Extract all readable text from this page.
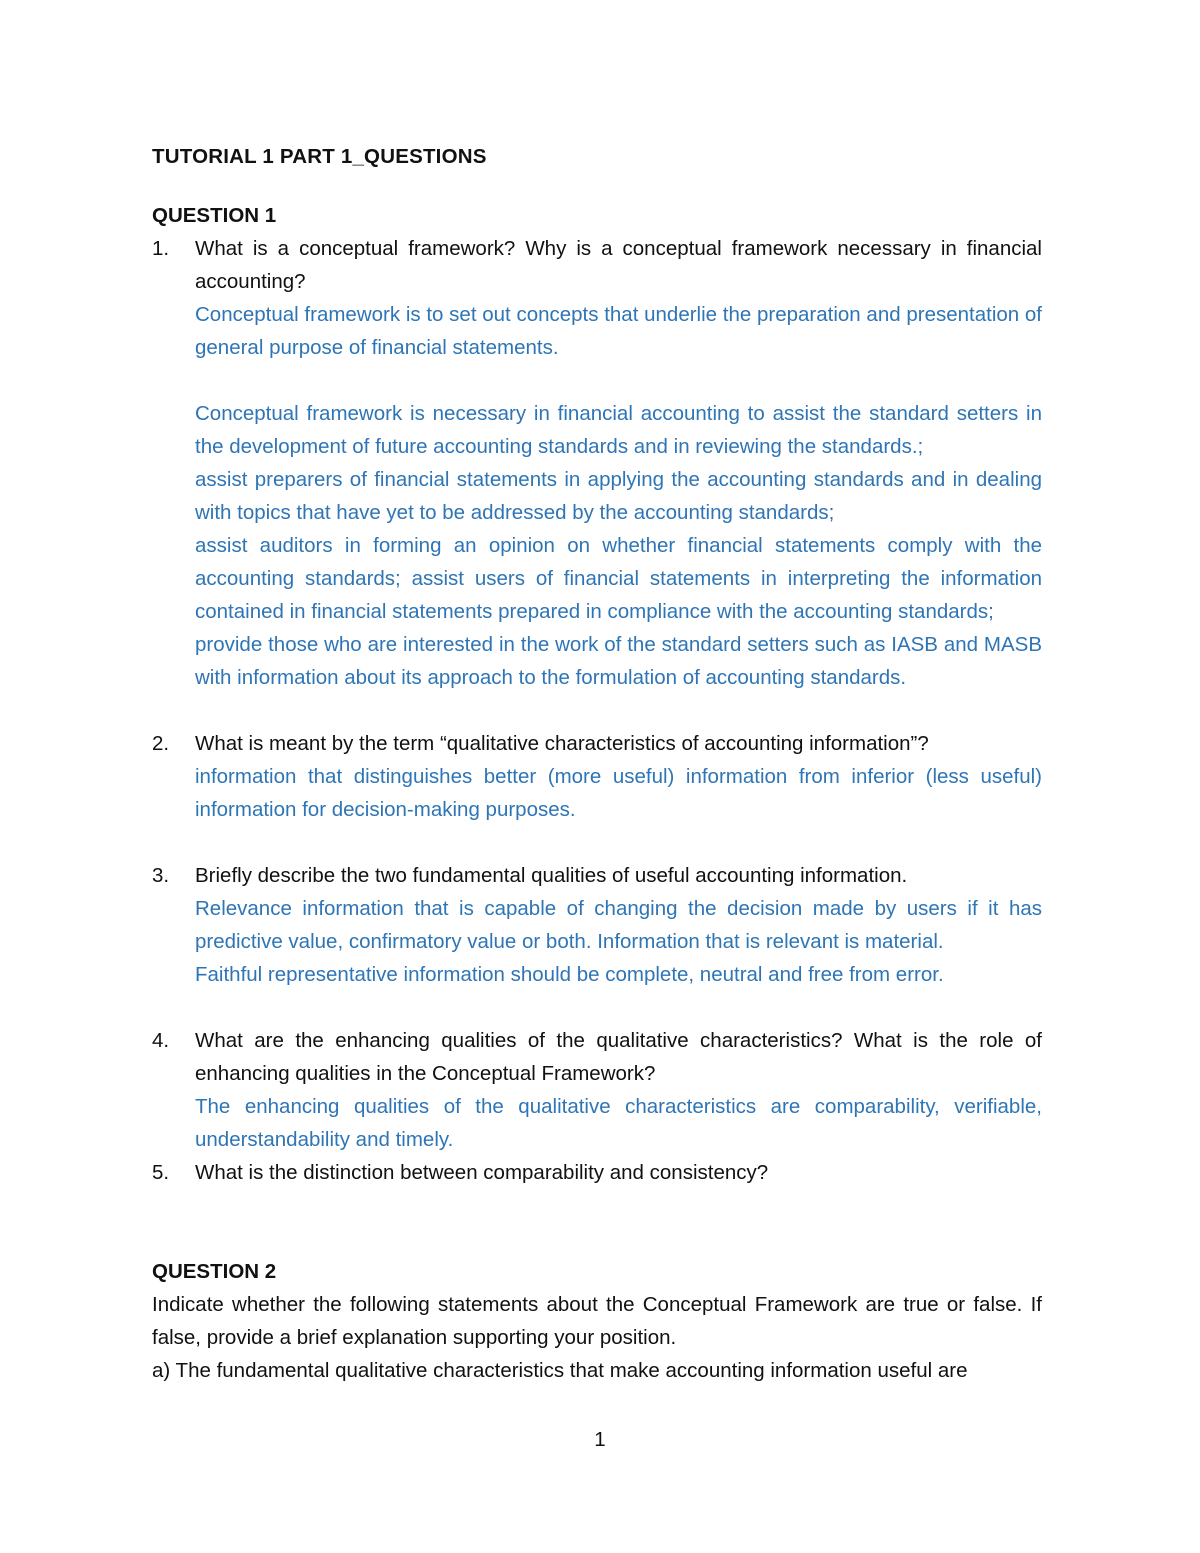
TUTORIAL 1 PART 1_QUESTIONS

QUESTION 1

1. What is a conceptual framework? Why is a conceptual framework necessary in financial accounting?

Conceptual framework is to set out concepts that underlie the preparation and presentation of general purpose of financial statements.

Conceptual framework is necessary in financial accounting to assist the standard setters in the development of future accounting standards and in reviewing the standards.;

assist preparers of financial statements in applying the accounting standards and in dealing with topics that have yet to be addressed by the accounting standards;

assist auditors in forming an opinion on whether financial statements comply with the accounting standards; assist users of financial statements in interpreting the information contained in financial statements prepared in compliance with the accounting standards;

provide those who are interested in the work of the standard setters such as IASB and MASB with information about its approach to the formulation of accounting standards.

2. What is meant by the term “qualitative characteristics of accounting information”?

information that distinguishes better (more useful) information from inferior (less useful) information for decision-making purposes.

3. Briefly describe the two fundamental qualities of useful accounting information.

Relevance information that is capable of changing the decision made by users if it has predictive value, confirmatory value or both. Information that is relevant is material.

Faithful representative information should be complete, neutral and free from error.

4. What are the enhancing qualities of the qualitative characteristics? What is the role of enhancing qualities in the Conceptual Framework?

The enhancing qualities of the qualitative characteristics are comparability, verifiable, understandability and timely.

5. What is the distinction between comparability and consistency?

QUESTION 2

Indicate whether the following statements about the Conceptual Framework are true or false. If false, provide a brief explanation supporting your position.

a) The fundamental qualitative characteristics that make accounting information useful are

1
